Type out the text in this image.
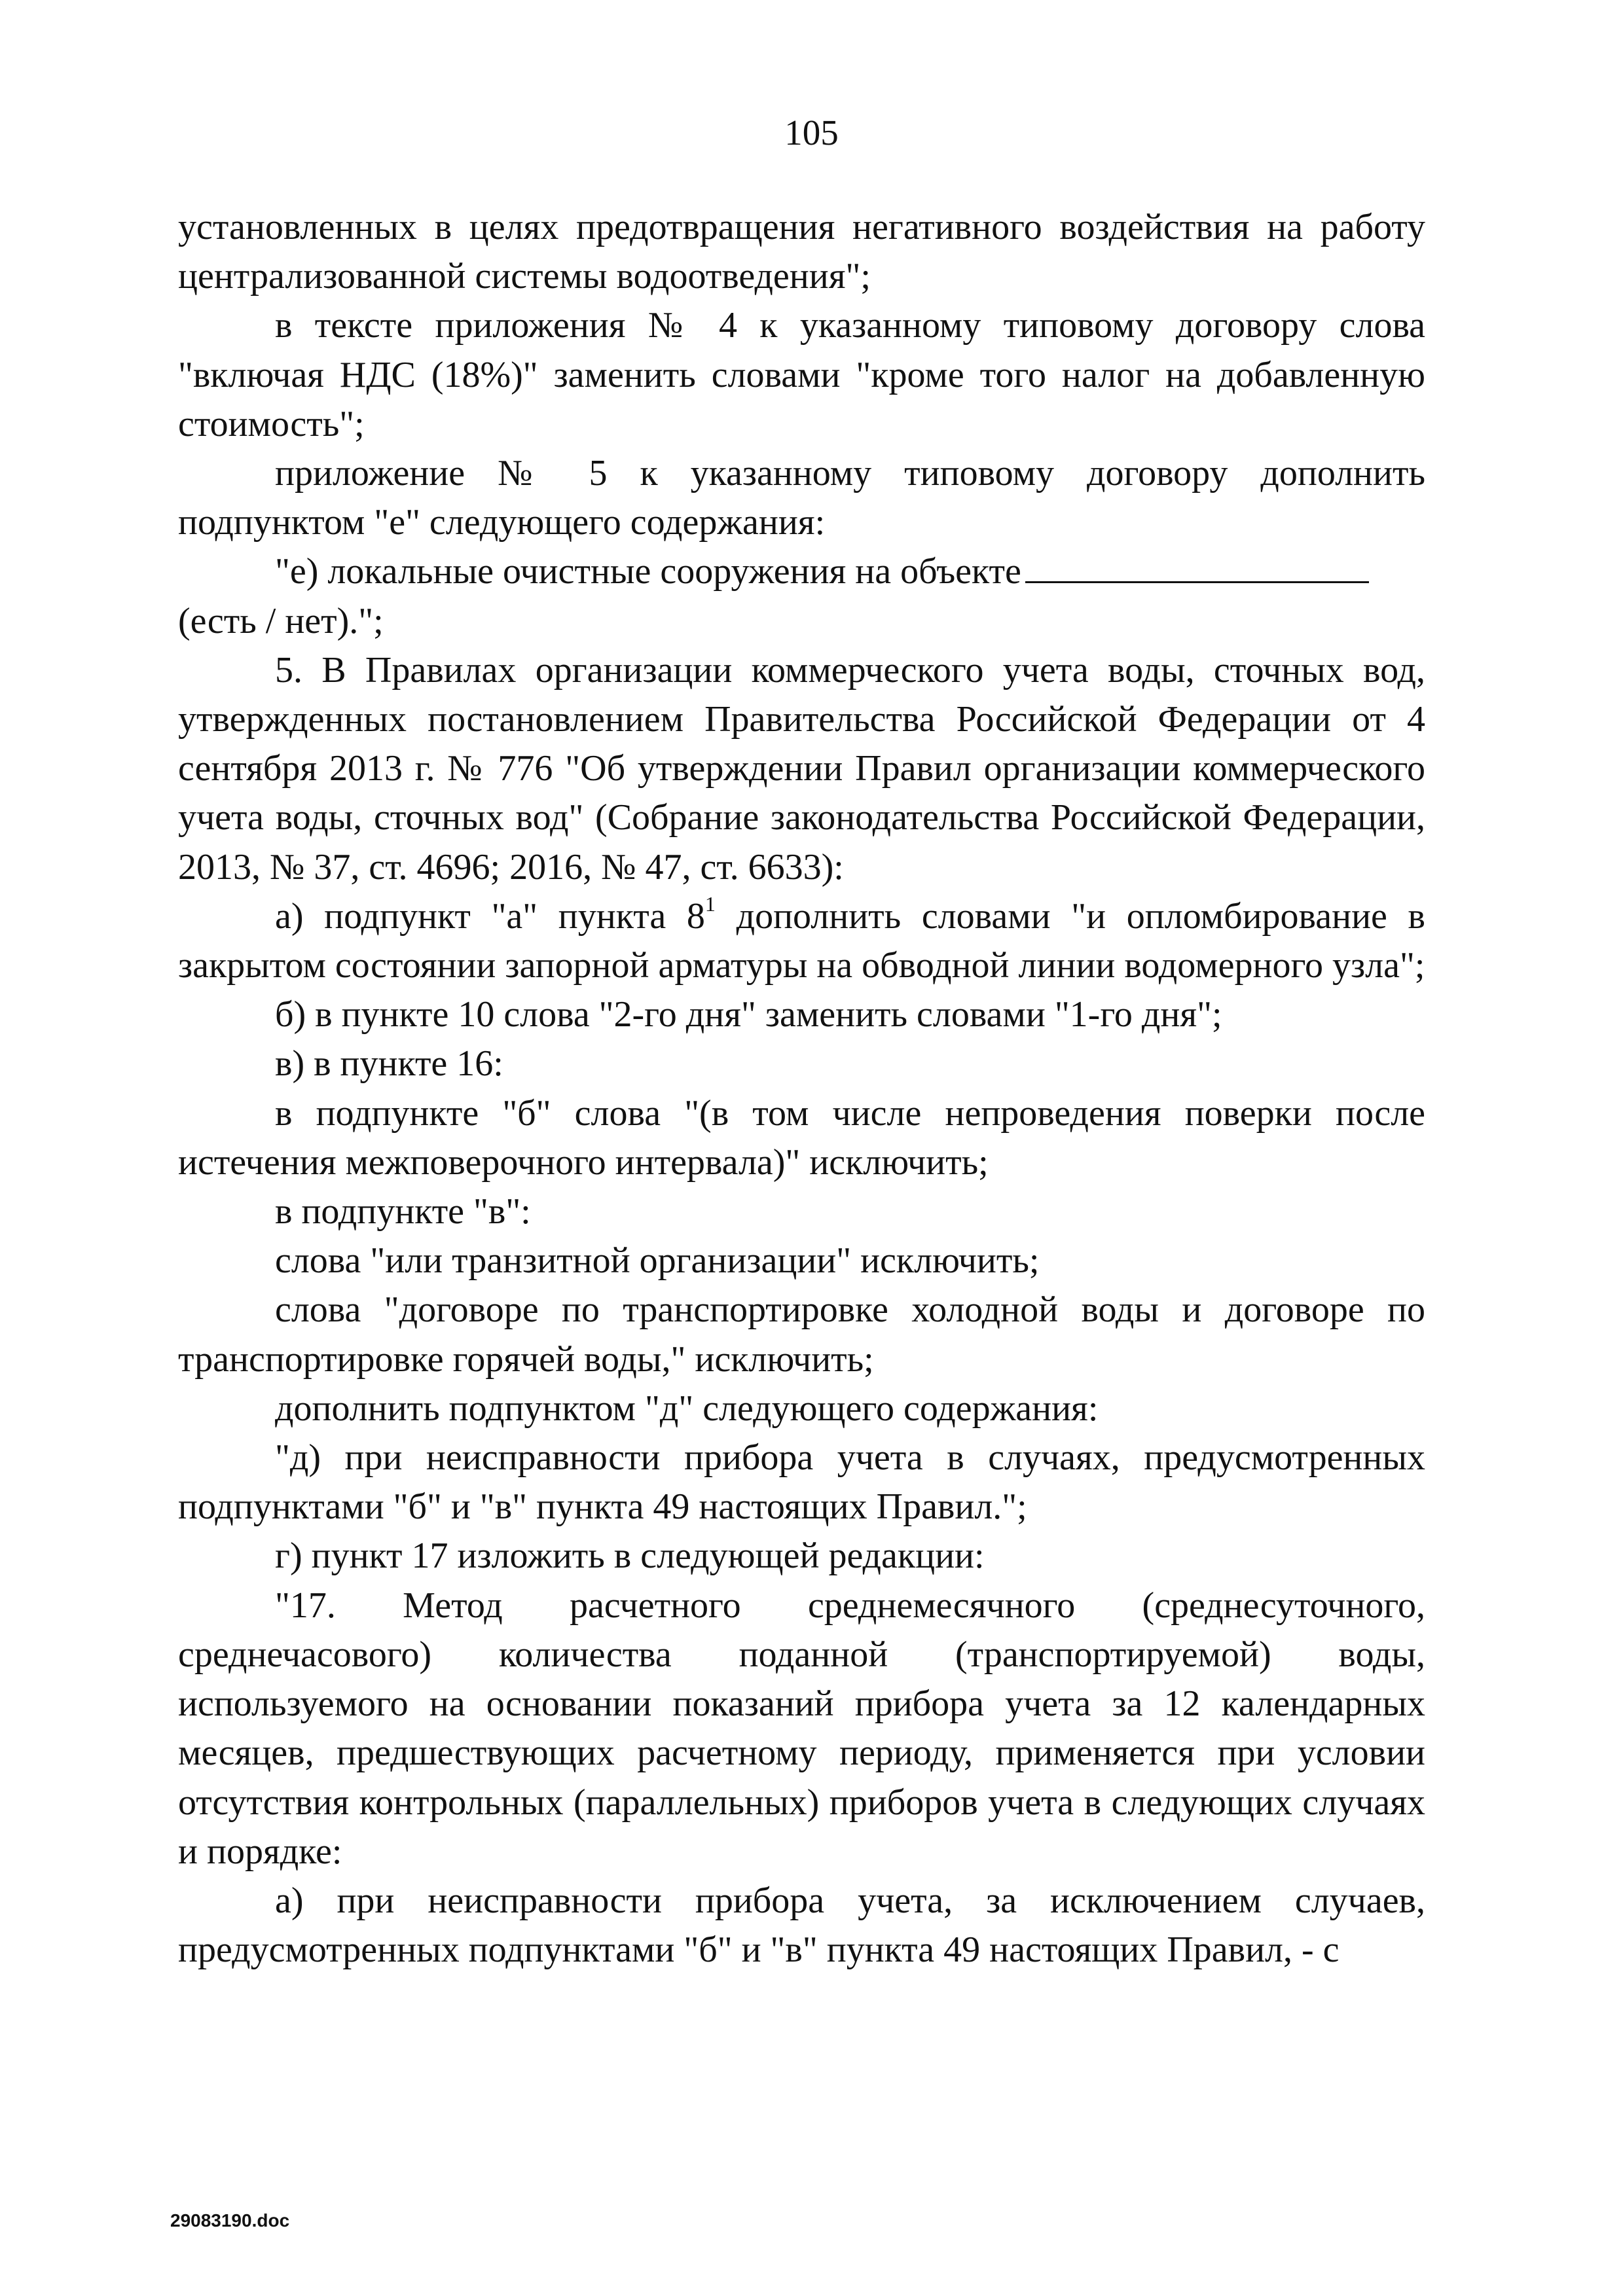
105

установленных в целях предотвращения негативного воздействия на работу централизованной системы водоотведения";

в тексте приложения № 4 к указанному типовому договору слова "включая НДС (18%)" заменить словами "кроме того налог на добавленную стоимость";

приложение № 5 к указанному типовому договору дополнить подпунктом "е" следующего содержания:

"е) локальные очистные сооружения на объекте

(есть / нет).";

5. В Правилах организации коммерческого учета воды, сточных вод, утвержденных постановлением Правительства Российской Федерации от 4 сентября 2013 г. № 776 "Об утверждении Правил организации коммерческого учета воды, сточных вод" (Собрание законодательства Российской Федерации, 2013, № 37, ст. 4696; 2016, № 47, ст. 6633):

а) подпункт "а" пункта $8^1$ дополнить словами "и опломбирование в закрытом состоянии запорной арматуры на обводной линии водомерного узла";

б) в пункте 10 слова "2-го дня" заменить словами "1-го дня";

в) в пункте 16:

в подпункте "б" слова "(в том числе непроведения поверки после истечения межповерочного интервала)" исключить;

в подпункте "в":

слова "или транзитной организации" исключить;

слова "договоре по транспортировке холодной воды и договоре по транспортировке горячей воды," исключить;

дополнить подпунктом "д" следующего содержания:

"д) при неисправности прибора учета в случаях, предусмотренных подпунктами "б" и "в" пункта 49 настоящих Правил.";

г) пункт 17 изложить в следующей редакции:

"17. Метод расчетного среднемесячного (среднесуточного, среднечасового) количества поданной (транспортируемой) воды, используемого на основании показаний прибора учета за 12 календарных месяцев, предшествующих расчетному периоду, применяется при условии отсутствия контрольных (параллельных) приборов учета в следующих случаях и порядке:

а) при неисправности прибора учета, за исключением случаев, предусмотренных подпунктами "б" и "в" пункта 49 настоящих Правил, - с

29083190.doc
